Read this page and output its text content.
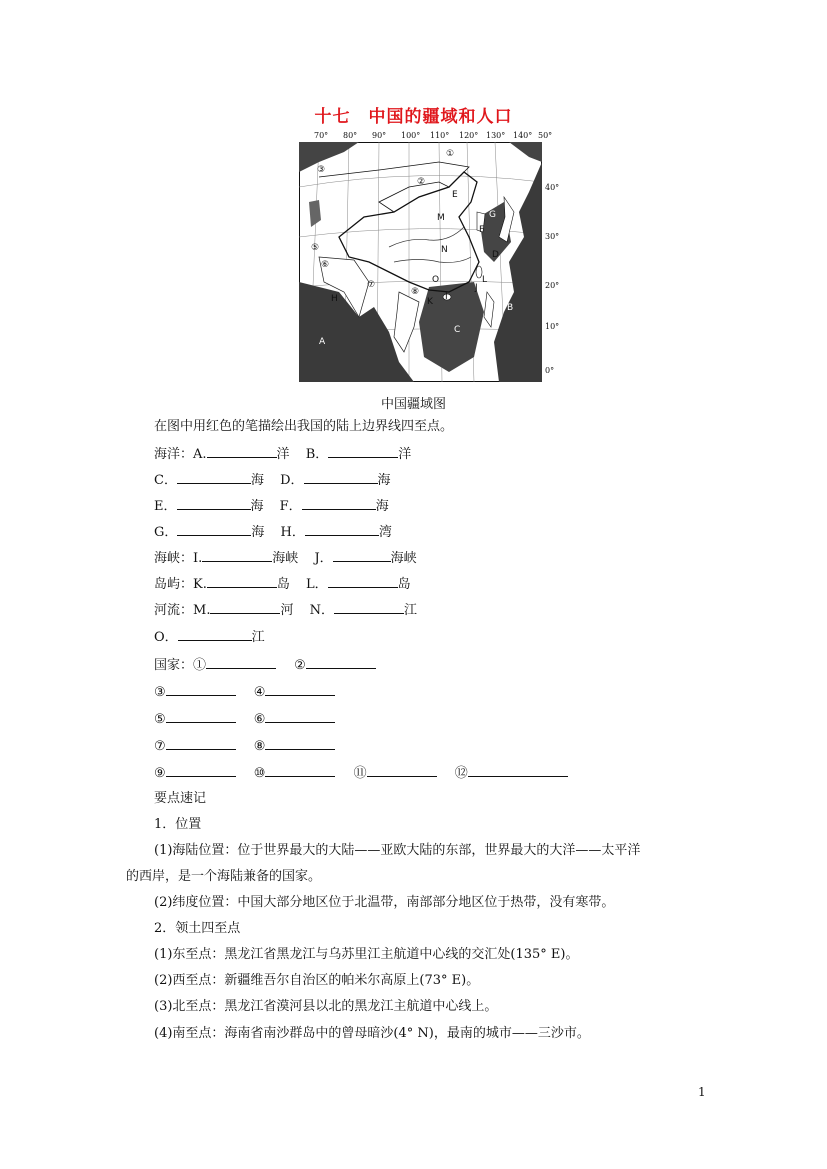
十七　中国的疆域和人口
70° 80° 90° 100° 110° 120° 130° 140° 50°
①
②
③
⑤
⑥
⑦
⑧
E
M
N
O
F
D
L
K I
J
G
B
C
H
A
40°
30°
20°
10°
0°
中国疆域图
在图中用红色的笔描绘出我国的陆上边界线四至点。
海洋：A.	洋 B．	洋
C．	海 D．	海
E．	海 F．	海
G．	海 H．	湾
海峡：I.	海峡 J．	海峡
岛屿：K.	岛 L．	岛
河流：M.	河 N．	江
O．	江
国家：①	②
③	④
⑤	⑥
⑦	⑧
⑨	⑩	⑪	⑫
要点速记
1．位置
(1)海陆位置：位于世界最大的大陆——亚欧大陆的东部，世界最大的大洋——太平洋
的西岸，是一个海陆兼备的国家。
(2)纬度位置：中国大部分地区位于北温带，南部部分地区位于热带，没有寒带。
2．领土四至点
(1)东至点：黑龙江省黑龙江与乌苏里江主航道中心线的交汇处(135° E)。
(2)西至点：新疆维吾尔自治区的帕米尔高原上(73° E)。
(3)北至点：黑龙江省漠河县以北的黑龙江主航道中心线上。
(4)南至点：海南省南沙群岛中的曾母暗沙(4° N)，最南的城市——三沙市。
1
